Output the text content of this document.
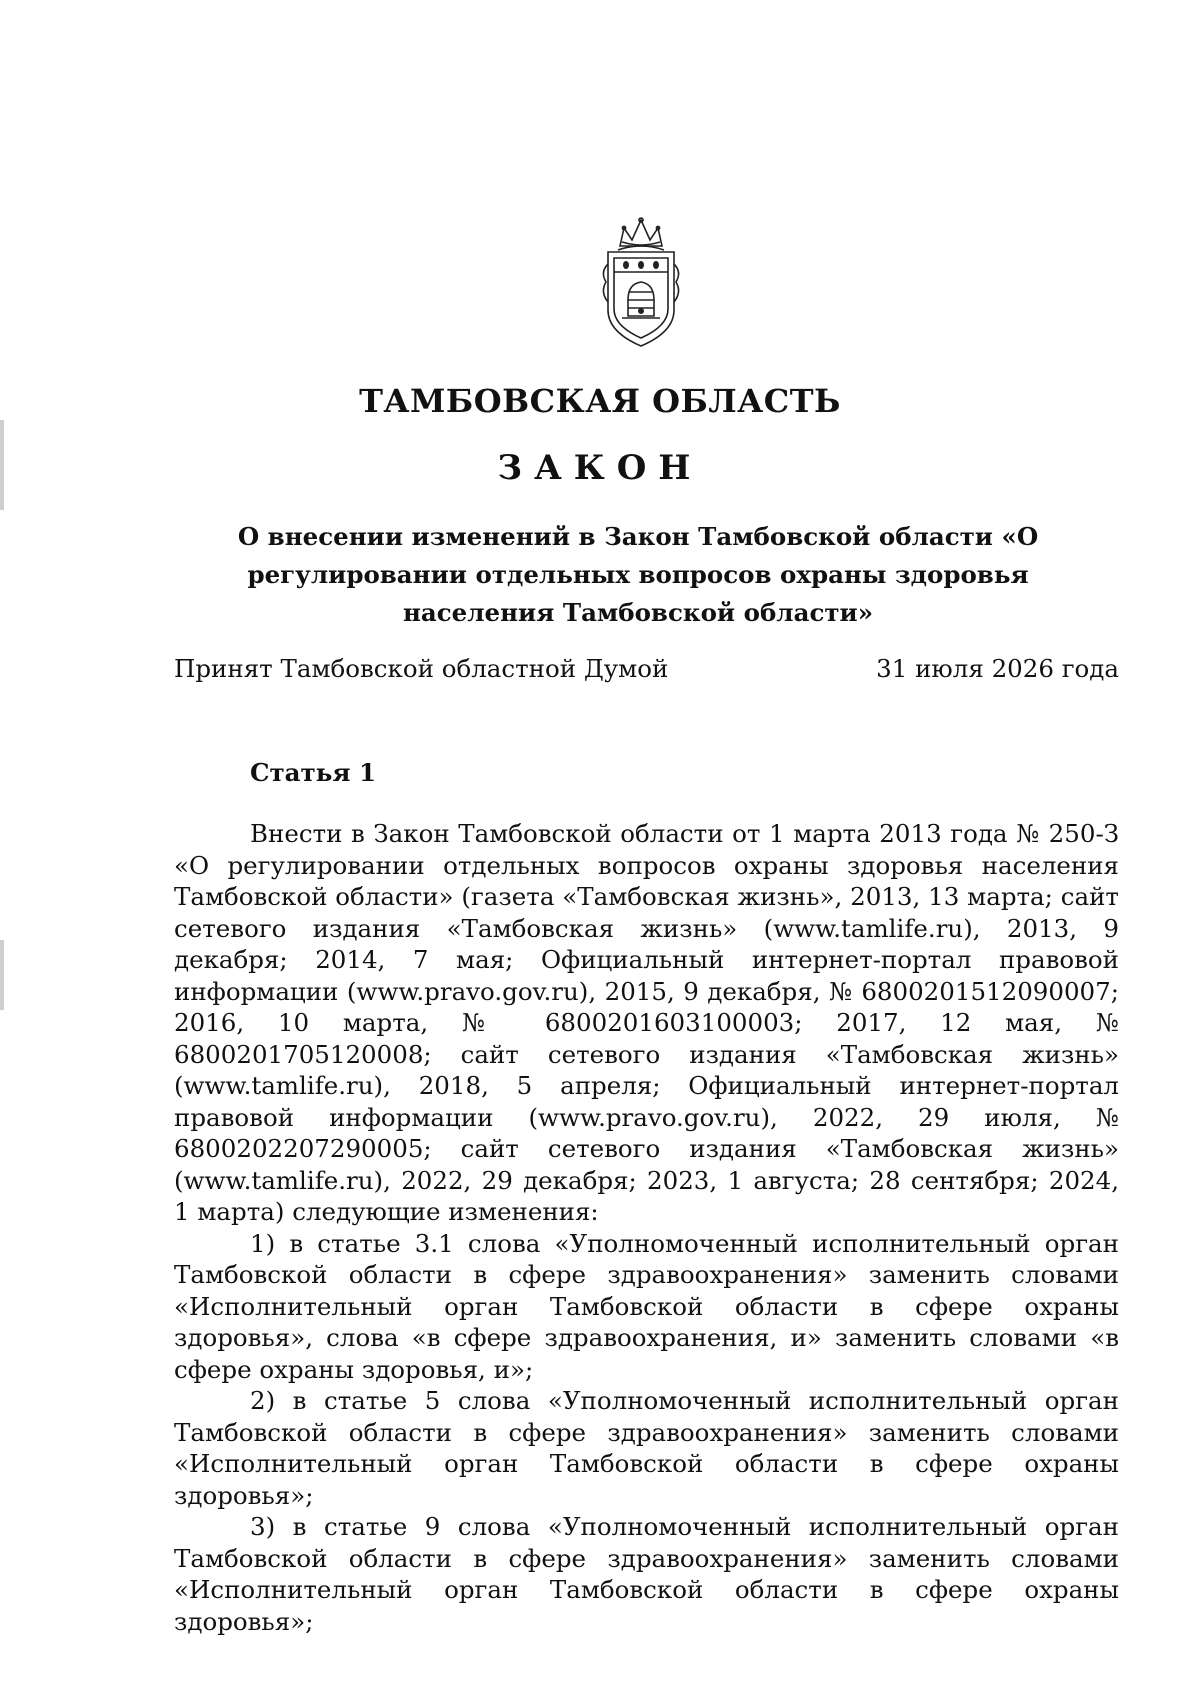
ТАМБОВСКАЯ ОБЛАСТЬ
ЗАКОН
О внесении изменений в Закон Тамбовской области «О регулировании отдельных вопросов охраны здоровья населения Тамбовской области»
Принят Тамбовской областной Думой	31 июля 2026 года
Статья 1

Внести в Закон Тамбовской области от 1 марта 2013 года № 250-З «О регулировании отдельных вопросов охраны здоровья населения Тамбовской области» (газета «Тамбовская жизнь», 2013, 13 марта; сайт сетевого издания «Тамбовская жизнь» (www.tamlife.ru), 2013, 9 декабря; 2014, 7 мая; Официальный интернет-портал правовой информации (www.pravo.gov.ru), 2015, 9 декабря, № 6800201512090007; 2016, 10 марта, № 6800201603100003; 2017, 12 мая, № 6800201705120008; сайт сетевого издания «Тамбовская жизнь» (www.tamlife.ru), 2018, 5 апреля; Официальный интернет-портал правовой информации (www.pravo.gov.ru), 2022, 29 июля, № 6800202207290005; сайт сетевого издания «Тамбовская жизнь» (www.tamlife.ru), 2022, 29 декабря; 2023, 1 августа; 28 сентября; 2024, 1 марта) следующие изменения:

1) в статье 3.1 слова «Уполномоченный исполнительный орган Тамбовской области в сфере здравоохранения» заменить словами «Исполнительный орган Тамбовской области в сфере охраны здоровья», слова «в сфере здравоохранения, и» заменить словами «в сфере охраны здоровья, и»;

2) в статье 5 слова «Уполномоченный исполнительный орган Тамбовской области в сфере здравоохранения» заменить словами «Исполнительный орган Тамбовской области в сфере охраны здоровья»;

3) в статье 9 слова «Уполномоченный исполнительный орган Тамбовской области в сфере здравоохранения» заменить словами «Исполнительный орган Тамбовской области в сфере охраны здоровья»;
